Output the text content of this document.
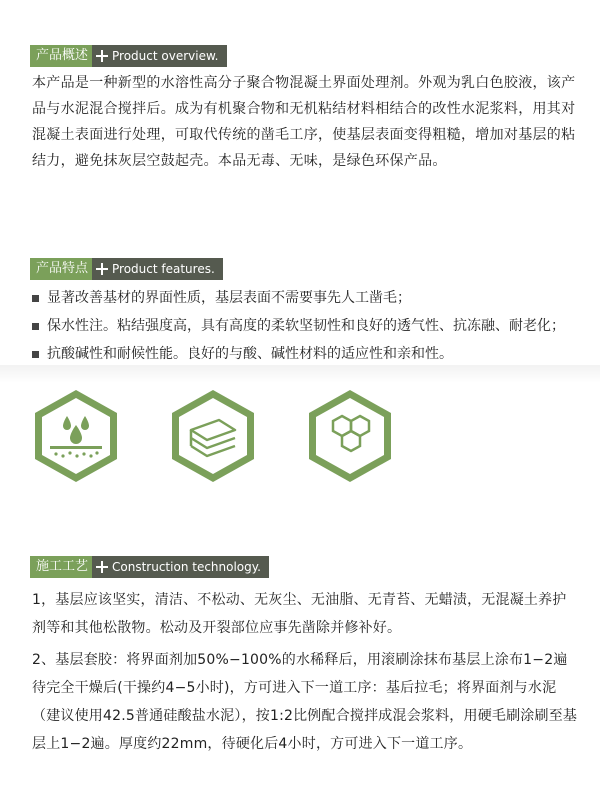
产品概述	Product overview.

本产品是一种新型的水溶性高分子聚合物混凝土界面处理剂。外观为乳白色胶液，该产品与水泥混合搅拌后。成为有机聚合物和无机粘结材料相结合的改性水泥浆料，用其对混凝土表面进行处理，可取代传统的凿毛工序，使基层表面变得粗糙，增加对基层的粘结力，避免抹灰层空鼓起壳。本品无毒、无味，是绿色环保产品。

产品特点	Product features.
显著改善基材的界面性质，基层表面不需要事先人工凿毛；
保水性注。粘结强度高，具有高度的柔软坚韧性和良好的透气性、抗冻融、耐老化；
抗酸碱性和耐候性能。良好的与酸、碱性材料的适应性和亲和性。
施工工艺	Construction technology.

1，基层应该坚实，清洁、不松动、无灰尘、无油脂、无青苔、无蜡渍，无混凝土养护剂等和其他松散物。松动及开裂部位应事先凿除并修补好。

2、基层套胶：将界面剂加50%−100%的水稀释后，用滚刷涂抹布基层上涂布1−2遍待完全干燥后(干操约4−5小时)，方可进入下一道工序：基后拉毛；将界面剂与水泥（建议使用42.5普通硅酸盐水泥），按1:2比例配合搅拌成混会浆料，用硬毛刷涂刷至基层上1−2遍。厚度约22mm，待硬化后4小时，方可进入下一道工序。
